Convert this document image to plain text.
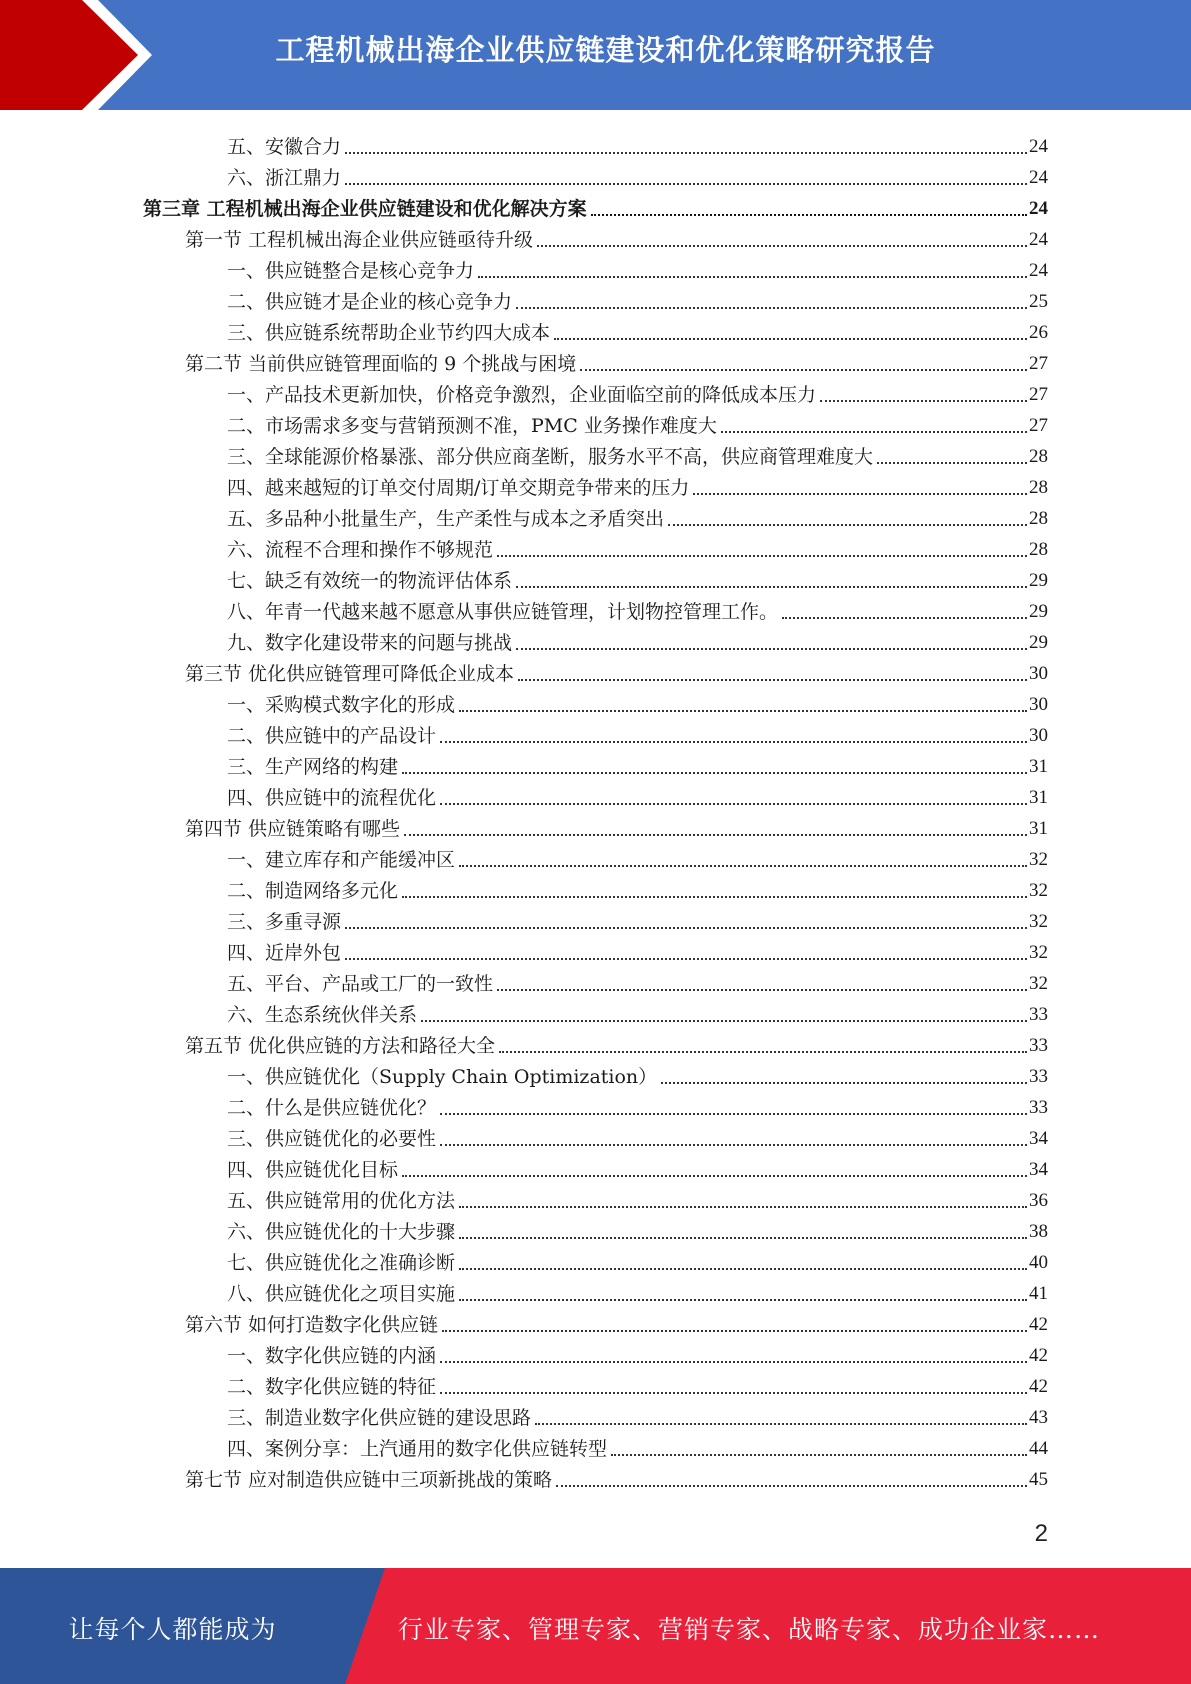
工程机械出海企业供应链建设和优化策略研究报告
五、安徽合力	24
六、浙江鼎力	24
第三章 工程机械出海企业供应链建设和优化解决方案	24
第一节 工程机械出海企业供应链亟待升级	24
一、供应链整合是核心竞争力	24
二、供应链才是企业的核心竞争力	25
三、供应链系统帮助企业节约四大成本	26
第二节 当前供应链管理面临的 9 个挑战与困境	27
一、产品技术更新加快，价格竞争激烈，企业面临空前的降低成本压力	27
二、市场需求多变与营销预测不准，PMC 业务操作难度大	27
三、全球能源价格暴涨、部分供应商垄断，服务水平不高，供应商管理难度大	28
四、越来越短的订单交付周期/订单交期竞争带来的压力	28
五、多品种小批量生产，生产柔性与成本之矛盾突出	28
六、流程不合理和操作不够规范	28
七、缺乏有效统一的物流评估体系	29
八、年青一代越来越不愿意从事供应链管理，计划物控管理工作。	29
九、数字化建设带来的问题与挑战	29
第三节 优化供应链管理可降低企业成本	30
一、采购模式数字化的形成	30
二、供应链中的产品设计	30
三、生产网络的构建	31
四、供应链中的流程优化	31
第四节 供应链策略有哪些	31
一、建立库存和产能缓冲区	32
二、制造网络多元化	32
三、多重寻源	32
四、近岸外包	32
五、平台、产品或工厂的一致性	32
六、生态系统伙伴关系	33
第五节 优化供应链的方法和路径大全	33
一、供应链优化（Supply Chain Optimization）	33
二、什么是供应链优化？	33
三、供应链优化的必要性	34
四、供应链优化目标	34
五、供应链常用的优化方法	36
六、供应链优化的十大步骤	38
七、供应链优化之准确诊断	40
八、供应链优化之项目实施	41
第六节 如何打造数字化供应链	42
一、数字化供应链的内涵	42
二、数字化供应链的特征	42
三、制造业数字化供应链的建设思路	43
四、案例分享：上汽通用的数字化供应链转型	44
第七节 应对制造供应链中三项新挑战的策略	45
2
让每个人都能成为	行业专家、管理专家、营销专家、战略专家、成功企业家……
